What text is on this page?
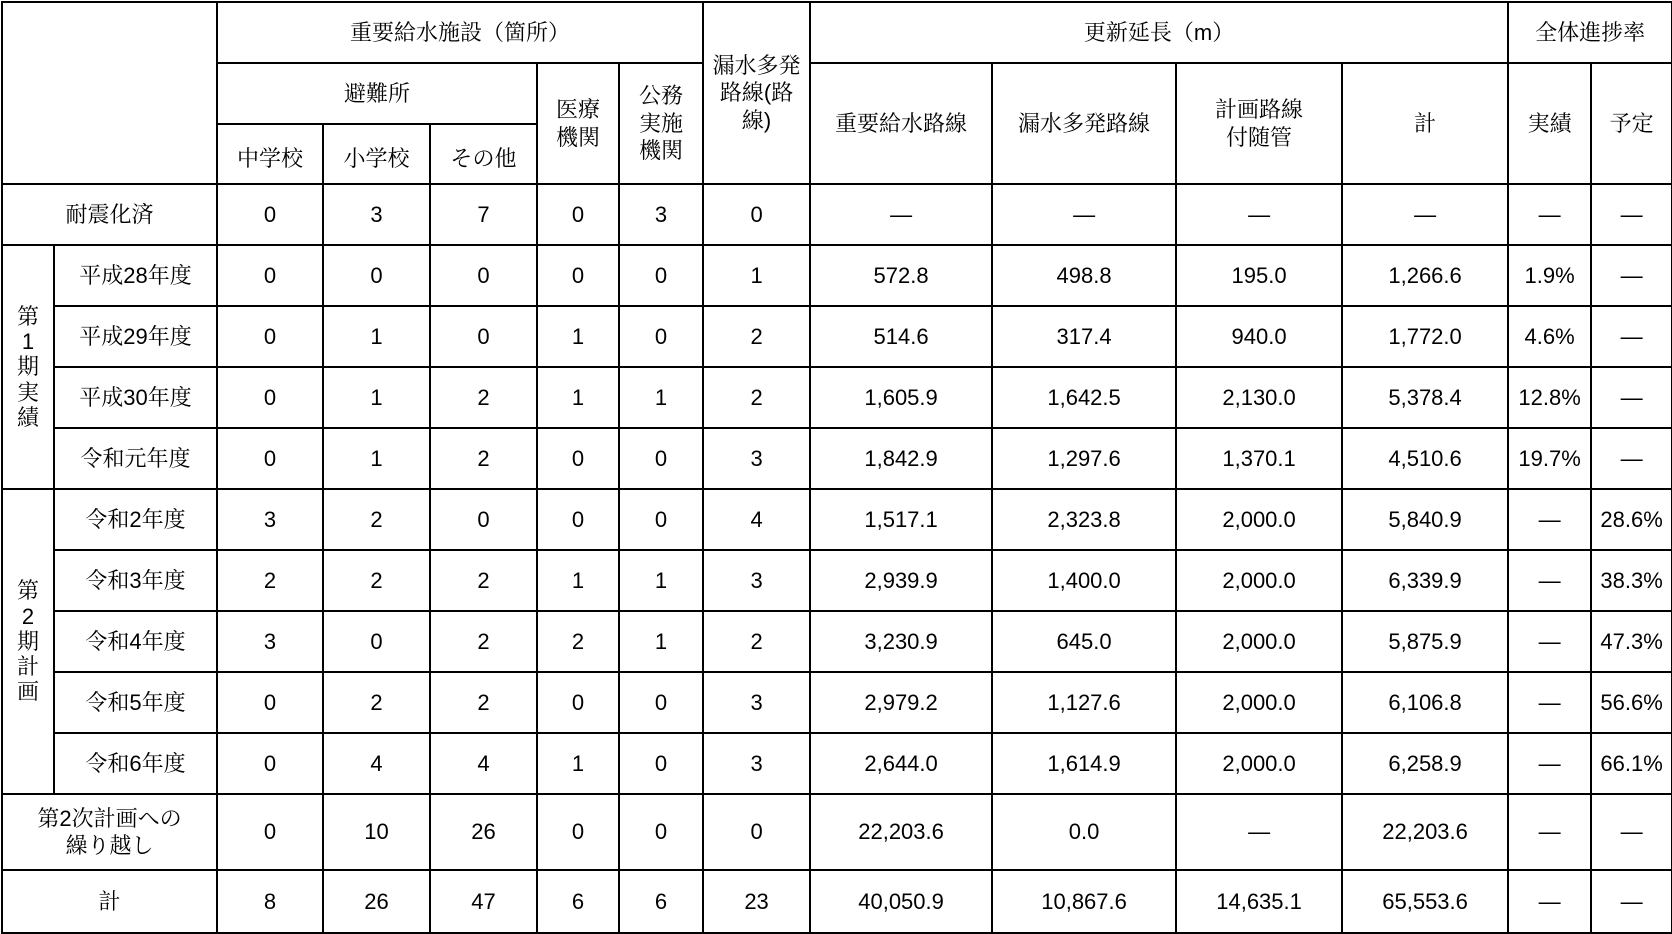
		重要給水施設（箇所）					漏水多発路線(路線)	更新延長（m）				全体進捗率	
		避難所			医療機関	公務実施機関		重要給水路線	漏水多発路線	計画路線付随管	計	実績	予定
		中学校	小学校	その他									
耐震化済		0	3	7	0	3	0	—	—	—	—	—	—
第1期実績	平成28年度	0	0	0	0	0	1	572.8	498.8	195.0	1,266.6	1.9%	—
	平成29年度	0	1	0	1	0	2	514.6	317.4	940.0	1,772.0	4.6%	—
	平成30年度	0	1	2	1	1	2	1,605.9	1,642.5	2,130.0	5,378.4	12.8%	—
	令和元年度	0	1	2	0	0	3	1,842.9	1,297.6	1,370.1	4,510.6	19.7%	—
第2期計画	令和2年度	3	2	0	0	0	4	1,517.1	2,323.8	2,000.0	5,840.9	—	28.6%
	令和3年度	2	2	2	1	1	3	2,939.9	1,400.0	2,000.0	6,339.9	—	38.3%
	令和4年度	3	0	2	2	1	2	3,230.9	645.0	2,000.0	5,875.9	—	47.3%
	令和5年度	0	2	2	0	0	3	2,979.2	1,127.6	2,000.0	6,106.8	—	56.6%
	令和6年度	0	4	4	1	0	3	2,644.0	1,614.9	2,000.0	6,258.9	—	66.1%
第2次計画への繰り越し		0	10	26	0	0	0	22,203.6	0.0	—	22,203.6	—	—
計		8	26	47	6	6	23	40,050.9	10,867.6	14,635.1	65,553.6	—	—
